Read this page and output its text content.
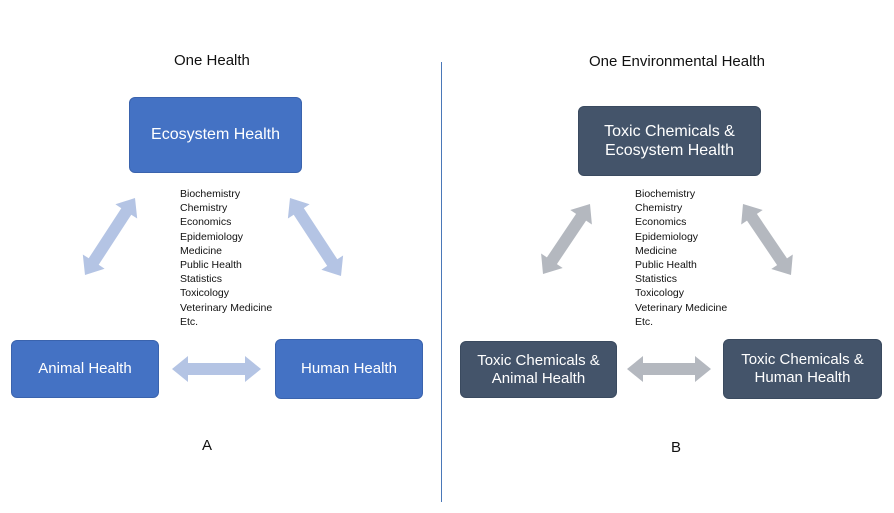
One Health
Ecosystem Health
Animal Health	Human Health
Biochemistry
Chemistry
Economics
Epidemiology
Medicine
Public Health
Statistics
Toxicology
Veterinary Medicine
Etc.
A
One Environmental Health
Toxic Chemicals &
Ecosystem Health
Toxic Chemicals &
Animal Health
Toxic Chemicals &
Human Health
Biochemistry
Chemistry
Economics
Epidemiology
Medicine
Public Health
Statistics
Toxicology
Veterinary Medicine
Etc.
B
